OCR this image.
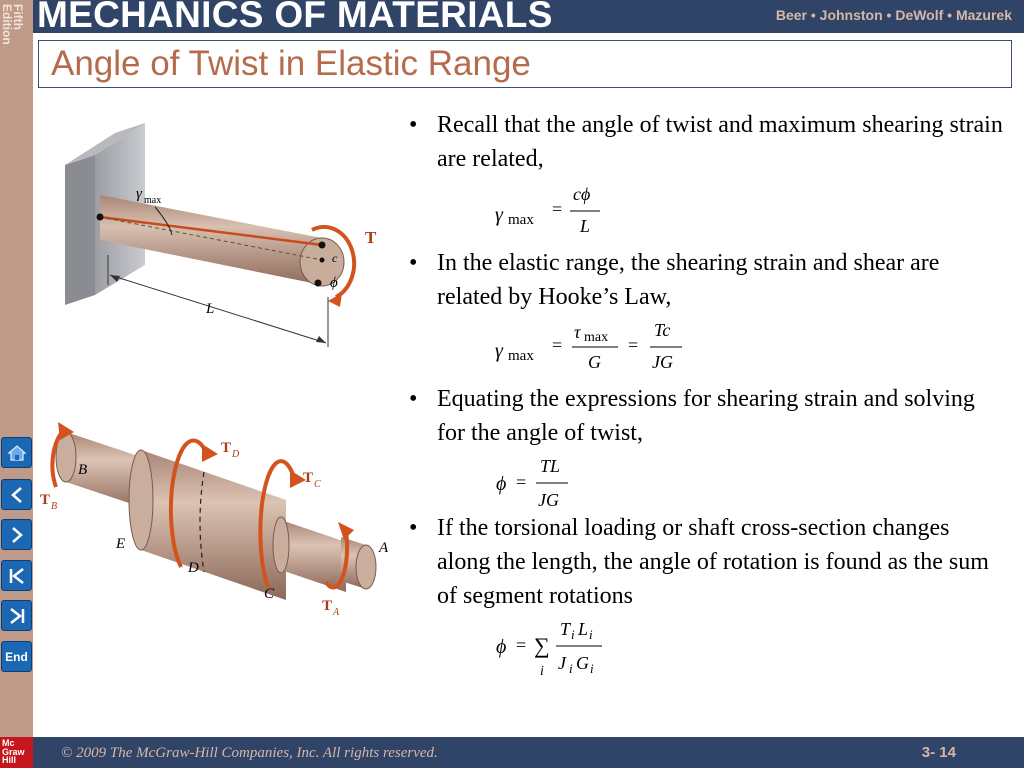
Fifth
Edition
End
Mc
Graw
Hill
Beer • Johnston • DeWolf • Mazurek
MECHANICS OF MATERIALS
Angle of Twist in Elastic Range
γ max
c
ϕ
T
L
B
E
D
C
A
T D
T C
T B
T A
• Recall that the angle of twist and maximum shearing strain are related,
• In the elastic range, the shearing strain and shear are related by Hooke’s Law,
• Equating the expressions for shearing strain and solving for the angle of twist,
• If the torsional loading or shaft cross-section changes along the length, the angle of rotation is found as the sum of segment rotations
γ max
=
cϕ
L
γ max
=
τ max
G
=
Tc
JG
ϕ =
TL
JG
ϕ = ∑
i
T i L i
J i G i
© 2009 The McGraw-Hill Companies, Inc. All rights reserved.	3- 14
